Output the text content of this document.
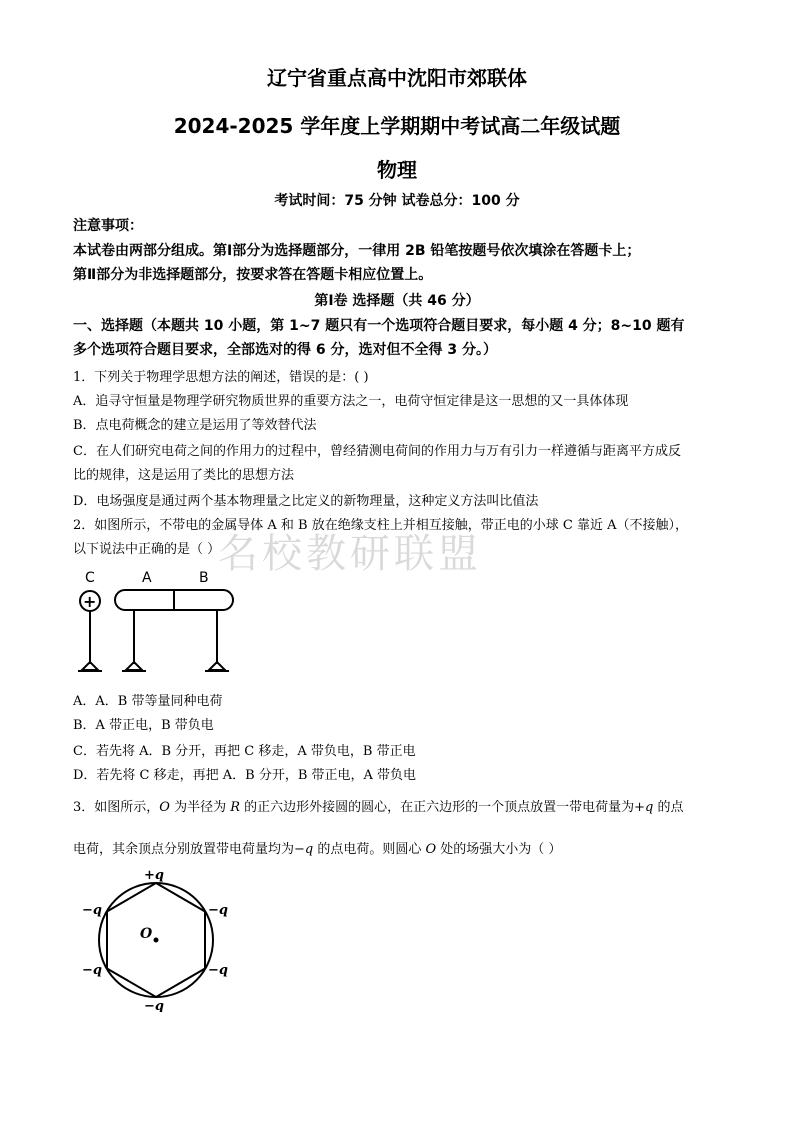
辽宁省重点高中沈阳市郊联体
2024-2025 学年度上学期期中考试高二年级试题
物理
考试时间：75 分钟 试卷总分：100 分
注意事项：
本试卷由两部分组成。第Ⅰ部分为选择题部分，一律用 2B 铅笔按题号依次填涂在答题卡上；
第Ⅱ部分为非选择题部分，按要求答在答题卡相应位置上。
第Ⅰ卷 选择题（共 46 分）
一、选择题（本题共 10 小题，第 1~7 题只有一个选项符合题目要求，每小题 4 分；8~10 题有
多个选项符合题目要求，全部选对的得 6 分，选对但不全得 3 分。）
1．下列关于物理学思想方法的阐述，错误的是：( )
A．追寻守恒量是物理学研究物质世界的重要方法之一，电荷守恒定律是这一思想的又一具体体现
B．点电荷概念的建立是运用了等效替代法
C．在人们研究电荷之间的作用力的过程中，曾经猜测电荷间的作用力与万有引力一样遵循与距离平方成反
比的规律，这是运用了类比的思想方法
D．电场强度是通过两个基本物理量之比定义的新物理量，这种定义方法叫比值法
2．如图所示，不带电的金属导体 A 和 B 放在绝缘支柱上并相互接触，带正电的小球 C 靠近 A（不接触），
以下说法中正确的是（ ）
名校教研联盟
C	A	B
+
A．A．B 带等量同种电荷
B．A 带正电，B 带负电
C．若先将 A．B 分开，再把 C 移走，A 带负电，B 带正电
D．若先将 C 移走，再把 A．B 分开，B 带正电，A 带负电
3．如图所示，O 为半径为 R 的正六边形外接圆的圆心，在正六边形的一个顶点放置一带电荷量为+q 的点
电荷，其余顶点分别放置带电荷量均为−q 的点电荷。则圆心 O 处的场强大小为（ ）
O
+q
−q	−q
−q	−q
−q
